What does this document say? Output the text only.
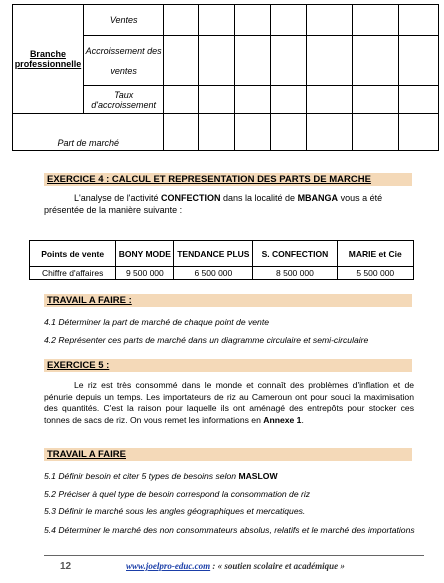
Branche professionnelle	Ventes							
	Accroissement des ventes							
	Taux d'accroissement							
Part de marché								
EXERCICE 4 : CALCUL ET REPRESENTATION DES PARTS DE MARCHE
L'analyse de l'activité CONFECTION dans la localité de MBANGA vous a été présentée de la manière suivante :
Points de vente	BONY MODE	TENDANCE PLUS	S. CONFECTION	MARIE et Cie
Chiffre d'affaires	9 500 000	6 500 000	8 500 000	5 500 000
TRAVAIL A FAIRE :
4.1 Déterminer la part de marché de chaque point de vente
4.2 Représenter ces parts de marché dans un diagramme circulaire et semi-circulaire
EXERCICE 5 :
Le riz est très consommé dans le monde et connaît des problèmes d'inflation et de pénurie depuis un temps. Les importateurs de riz au Cameroun ont pour souci la maximisation des quantités. C'est la raison pour laquelle ils ont aménagé des entrepôts pour stocker ces tonnes de sacs de riz. On vous remet les informations en Annexe 1.
TRAVAIL A FAIRE
5.1 Définir besoin et citer 5 types de besoins selon MASLOW
5.2 Préciser à quel type de besoin correspond la consommation de riz
5.3 Définir le marché sous les angles géographiques et mercatiques.
5.4 Déterminer le marché des non consommateurs absolus, relatifs et le marché des importations
12	www.joelpro-educ.com : « soutien scolaire et académique »
